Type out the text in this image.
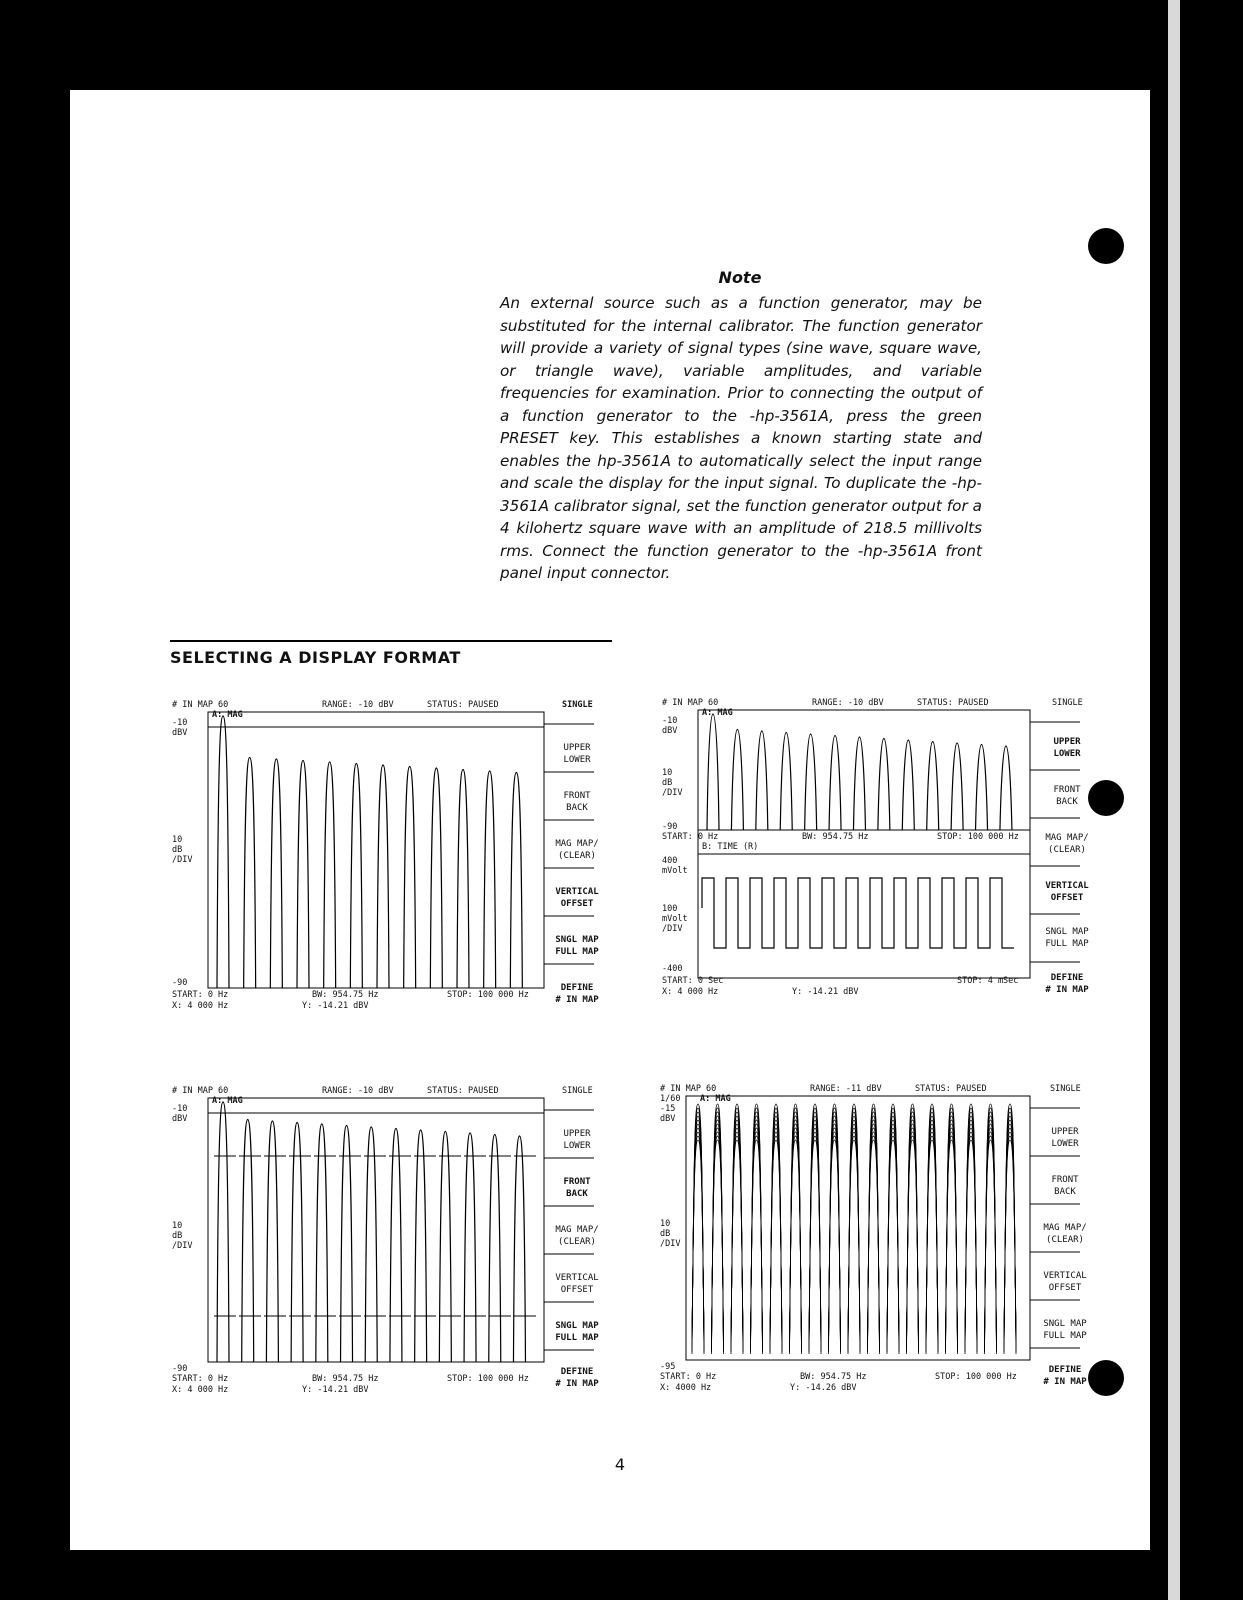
Note

An external source such as a function generator, may be substituted for the internal calibrator. The function generator will provide a variety of signal types (sine wave, square wave, or triangle wave), variable amplitudes, and variable frequencies for examination. Prior to connecting the output of a function generator to the -hp-3561A, press the green PRESET key. This establishes a known starting state and enables the hp-3561A to automatically select the input range and scale the display for the input signal. To duplicate the -hp-3561A calibrator signal, set the function generator output for a 4 kilohertz square wave with an amplitude of 218.5 millivolts rms. Connect the function generator to the -hp-3561A front panel input connector.

SELECTING A DISPLAY FORMAT
# IN MAP 60	RANGE: -10 dBV	STATUS: PAUSED	SINGLE
A: MAG
-10
dBV
10
dB
/DIV
-90
START: 0 Hz	BW: 954.75 Hz	STOP: 100 000 Hz
X: 4 000 Hz	Y: -14.21 dBV
UPPER
LOWER
FRONT
BACK
MAG MAP/
(CLEAR)
VERTICAL
OFFSET
SNGL MAP
FULL MAP
DEFINE
# IN MAP
# IN MAP 60	RANGE: -10 dBV	STATUS: PAUSED	SINGLE
A: MAG
-10
dBV
10
dB
/DIV
-90
START: 0 Hz	BW: 954.75 Hz	STOP: 100 000 Hz
B: TIME (R)
400
mVolt
100
mVolt
/DIV
-400
START: 0 Sec	STOP: 4 mSec
X: 4 000 Hz	Y: -14.21 dBV
UPPER
LOWER
FRONT
BACK
MAG MAP/
(CLEAR)
VERTICAL
OFFSET
SNGL MAP
FULL MAP
DEFINE
# IN MAP
# IN MAP 60	RANGE: -10 dBV	STATUS: PAUSED	SINGLE
A: MAG
-10
dBV
10
dB
/DIV
-90
START: 0 Hz	BW: 954.75 Hz	STOP: 100 000 Hz
X: 4 000 Hz	Y: -14.21 dBV
UPPER
LOWER
FRONT
BACK
MAG MAP/
(CLEAR)
VERTICAL
OFFSET
SNGL MAP
FULL MAP
DEFINE
# IN MAP
# IN MAP 60	RANGE: -11 dBV	STATUS: PAUSED	SINGLE
1/60 A: MAG
-15
dBV
10
dB
/DIV
-95
START: 0 Hz	BW: 954.75 Hz	STOP: 100 000 Hz
X: 4000 Hz	Y: -14.26 dBV
UPPER
LOWER
FRONT
BACK
MAG MAP/
(CLEAR)
VERTICAL
OFFSET
SNGL MAP
FULL MAP
DEFINE
# IN MAP
4
